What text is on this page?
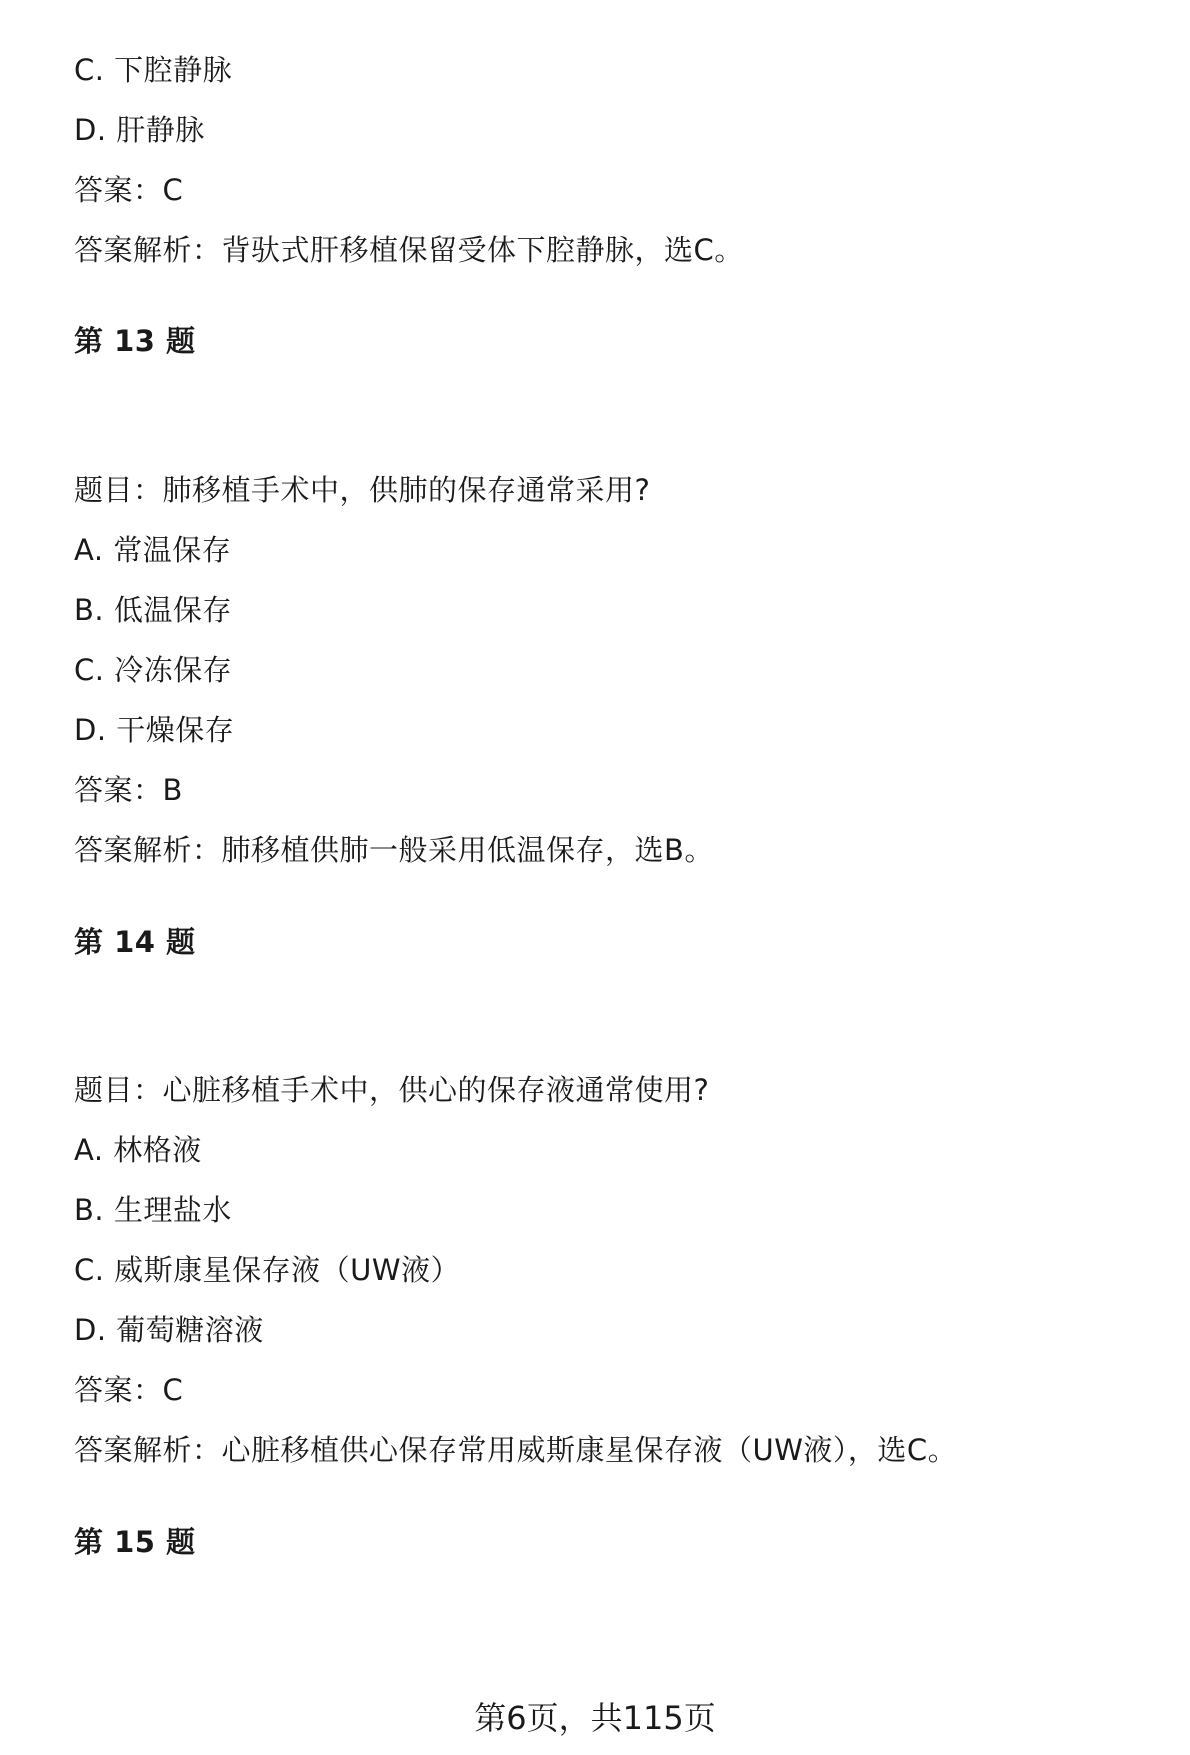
C. 下腔静脉
D. 肝静脉
答案：C
答案解析：背驮式肝移植保留受体下腔静脉，选C。
第 13 题
题目：肺移植手术中，供肺的保存通常采用?
A. 常温保存
B. 低温保存
C. 冷冻保存
D. 干燥保存
答案：B
答案解析：肺移植供肺一般采用低温保存，选B。
第 14 题
题目：心脏移植手术中，供心的保存液通常使用?
A. 林格液
B. 生理盐水
C. 威斯康星保存液（UW液）
D. 葡萄糖溶液
答案：C
答案解析：心脏移植供心保存常用威斯康星保存液（UW液），选C。
第 15 题
第6页，共115页
